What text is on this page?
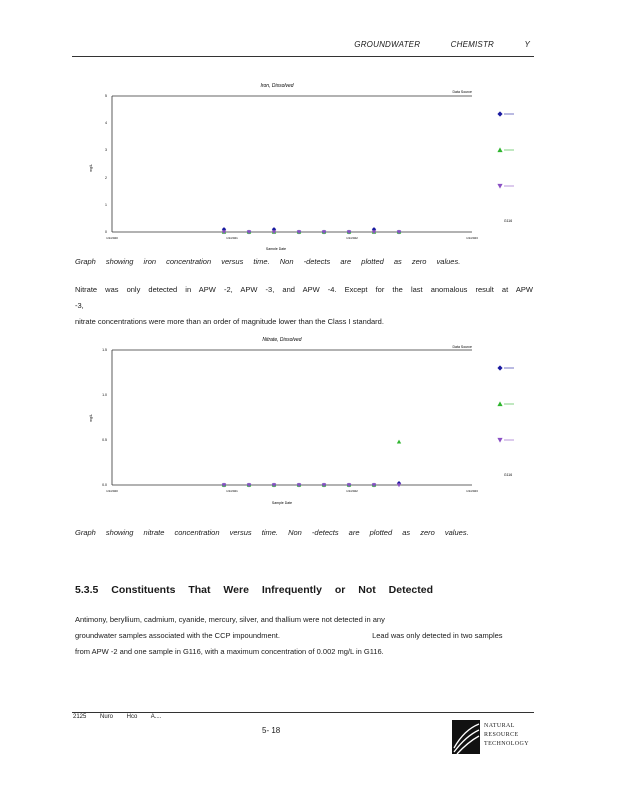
GROUNDWATER	CHEMISTR	Y
Iron, Dissolved
Data Source
mg/L
Sample Date
0
1
2
3
4
5
1/1/2020	1/1/2021	1/1/2022	1/1/2023
G116
Graph showing iron concentration versus time. Non -detects are plotted as zero values.
Nitrate was only detected in APW -2, APW -3, and APW -4. Except for the last anomalous result at APW -3,
nitrate concentrations were more than an order of magnitude lower than the Class I standard.
Nitrate, Dissolved
Data Source
mg/L
Sample Date
0.0
0.5
1.0
1.5
1/1/2020	1/1/2021	1/1/2022	1/1/2023
G116
Graph showing nitrate concentration versus time. Non -detects are plotted as zero values.
5.3.5 Constituents That Were Infrequently or Not Detected
Antimony, beryllium, cadmium, cyanide, mercury, silver, and thallium were not detected in any
groundwater samples associated with the CCP impoundment.	Lead was only detected in two samples
from APW -2 and one sample in G116, with a maximum concentration of 0.002 mg/L in G116.
2125 Nuro Hco A....
5- 18	NATURAL
RESOURCE
TECHNOLOGY
